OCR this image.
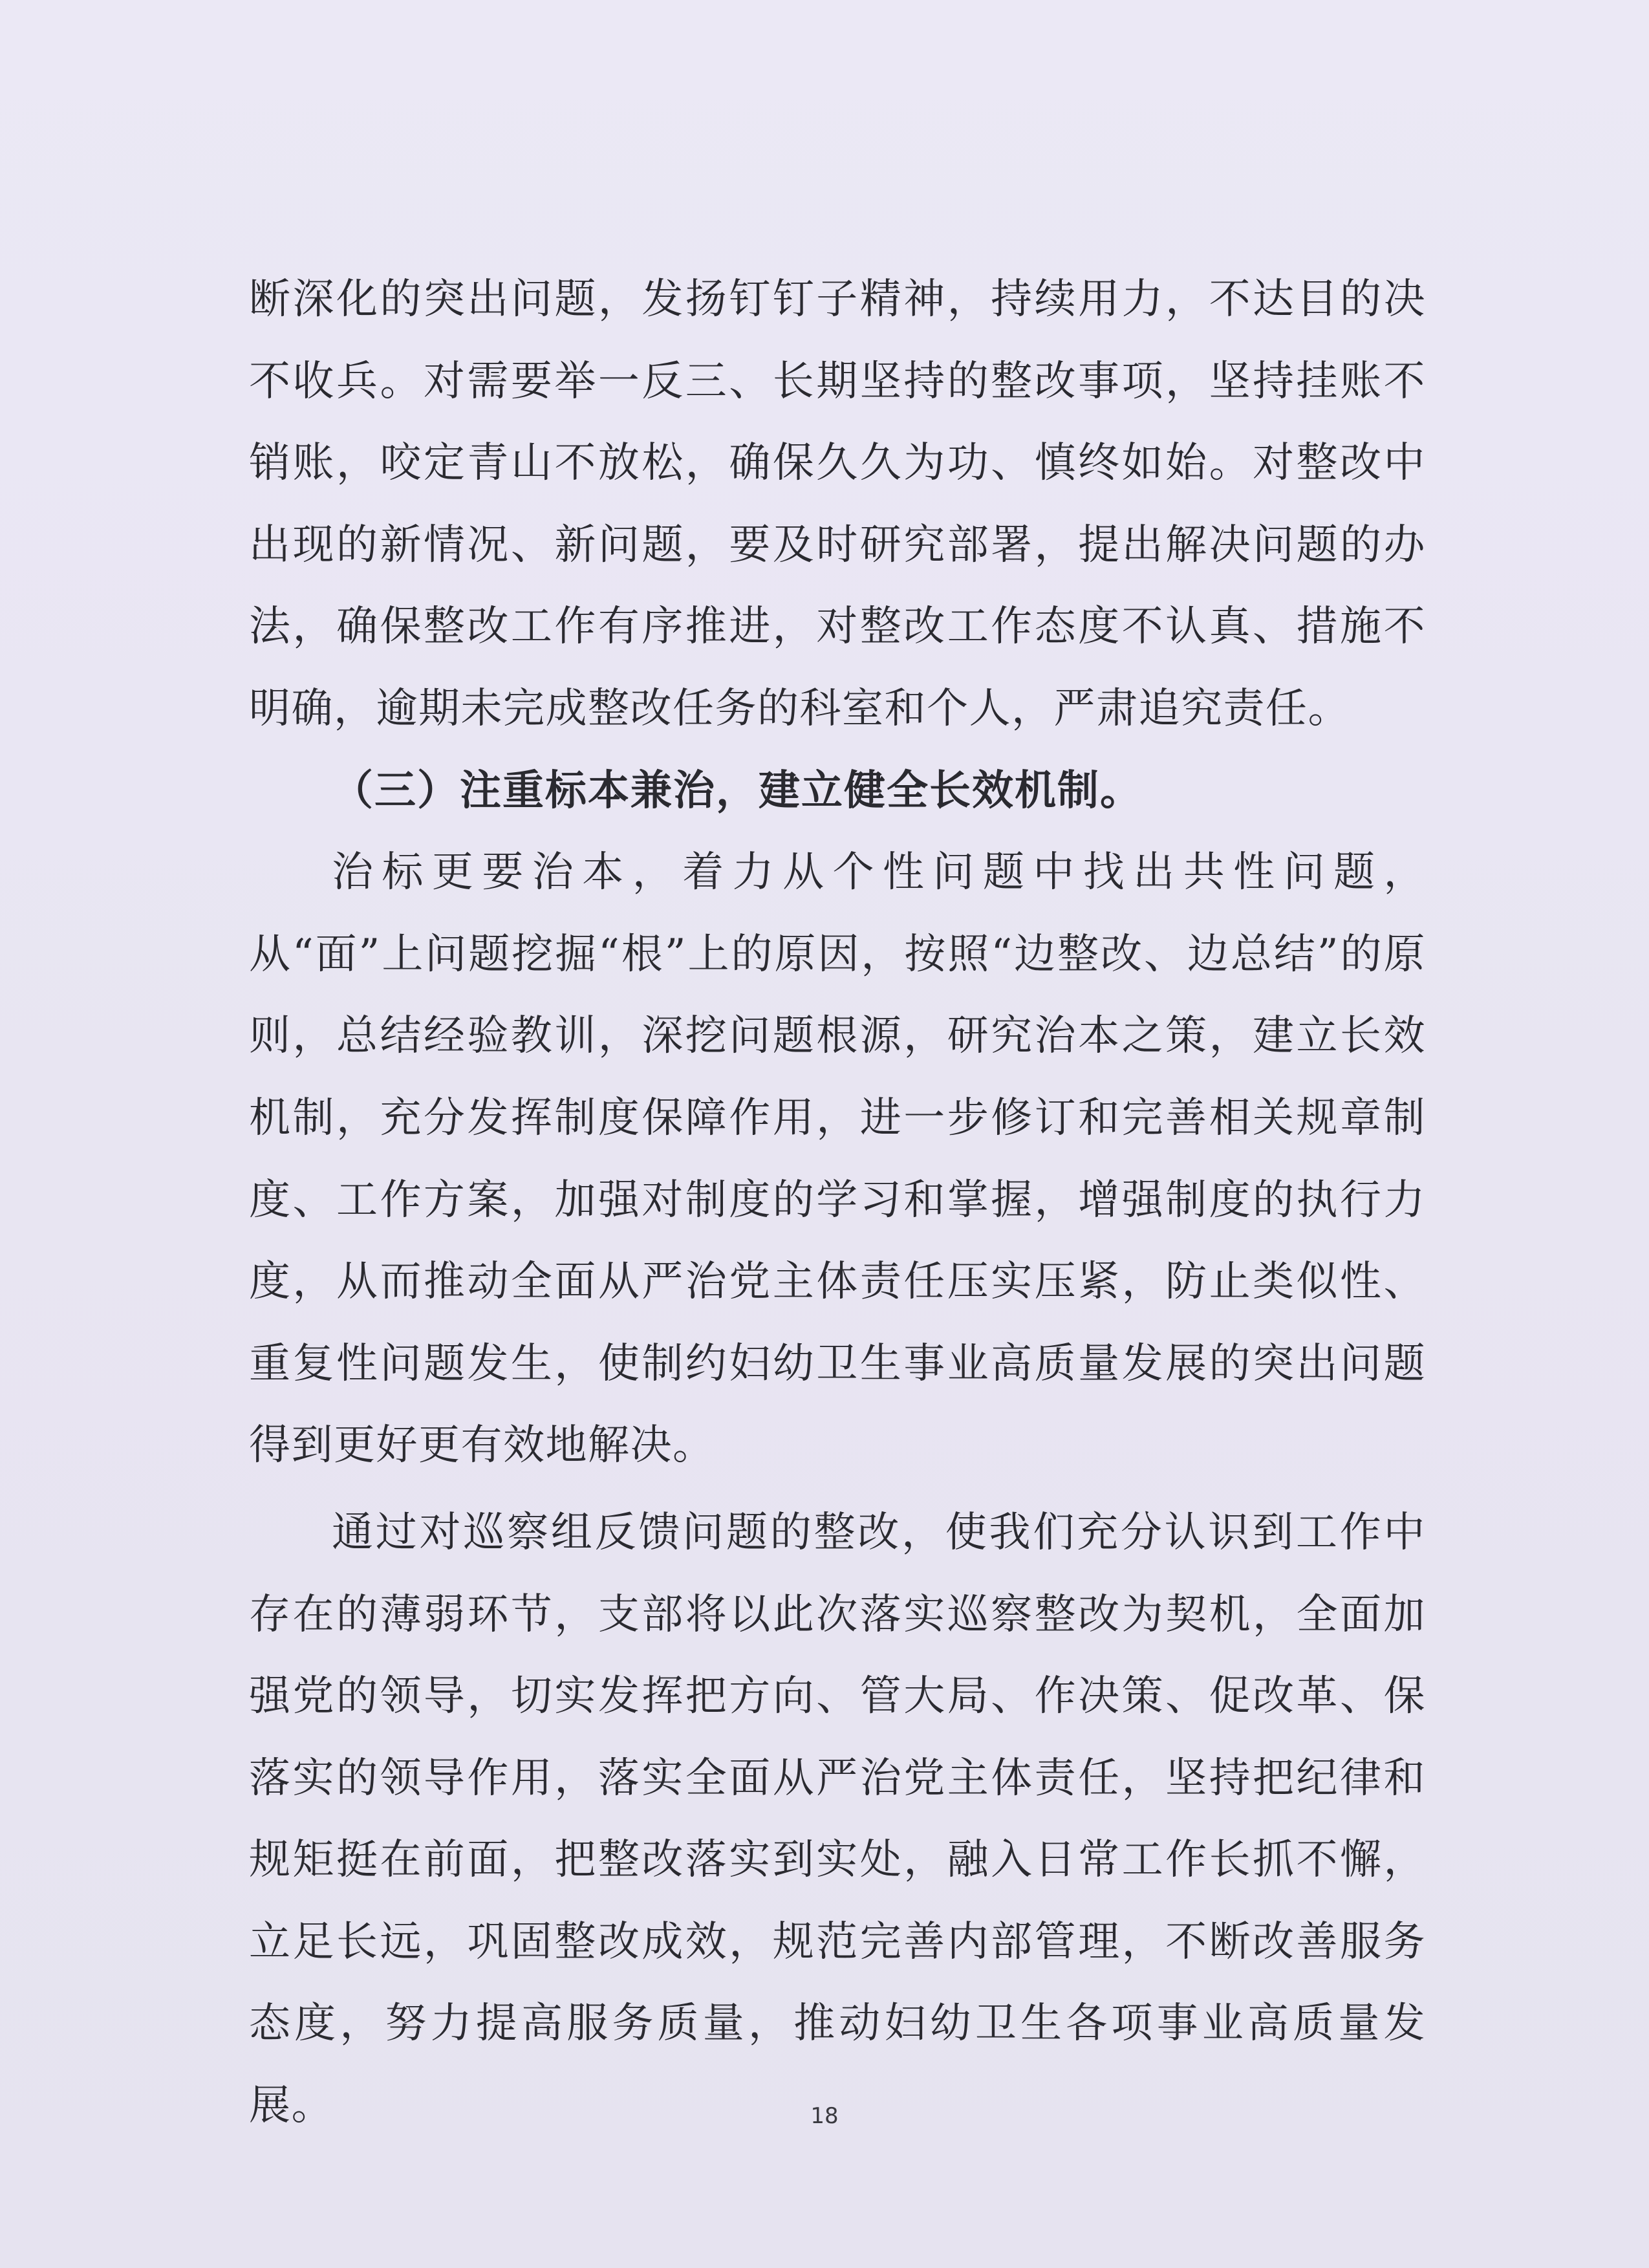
断深化的突出问题，发扬钉钉子精神，持续用力，不达目的决不收兵。对需要举一反三、长期坚持的整改事项，坚持挂账不销账，咬定青山不放松，确保久久为功、慎终如始。对整改中出现的新情况、新问题，要及时研究部署，提出解决问题的办法，确保整改工作有序推进，对整改工作态度不认真、措施不明确，逾期未完成整改任务的科室和个人，严肃追究责任。

（三）注重标本兼治，建立健全长效机制。

治标更要治本，着力从个性问题中找出共性问题，从“面”上问题挖掘“根”上的原因，按照“边整改、边总结”的原则，总结经验教训，深挖问题根源，研究治本之策，建立长效机制，充分发挥制度保障作用，进一步修订和完善相关规章制度、工作方案，加强对制度的学习和掌握，增强制度的执行力度，从而推动全面从严治党主体责任压实压紧，防止类似性、重复性问题发生，使制约妇幼卫生事业高质量发展的突出问题得到更好更有效地解决。

通过对巡察组反馈问题的整改，使我们充分认识到工作中存在的薄弱环节，支部将以此次落实巡察整改为契机，全面加强党的领导，切实发挥把方向、管大局、作决策、促改革、保落实的领导作用，落实全面从严治党主体责任，坚持把纪律和规矩挺在前面，把整改落实到实处，融入日常工作长抓不懈，立足长远，巩固整改成效，规范完善内部管理，不断改善服务态度，努力提高服务质量，推动妇幼卫生各项事业高质量发展。	18
